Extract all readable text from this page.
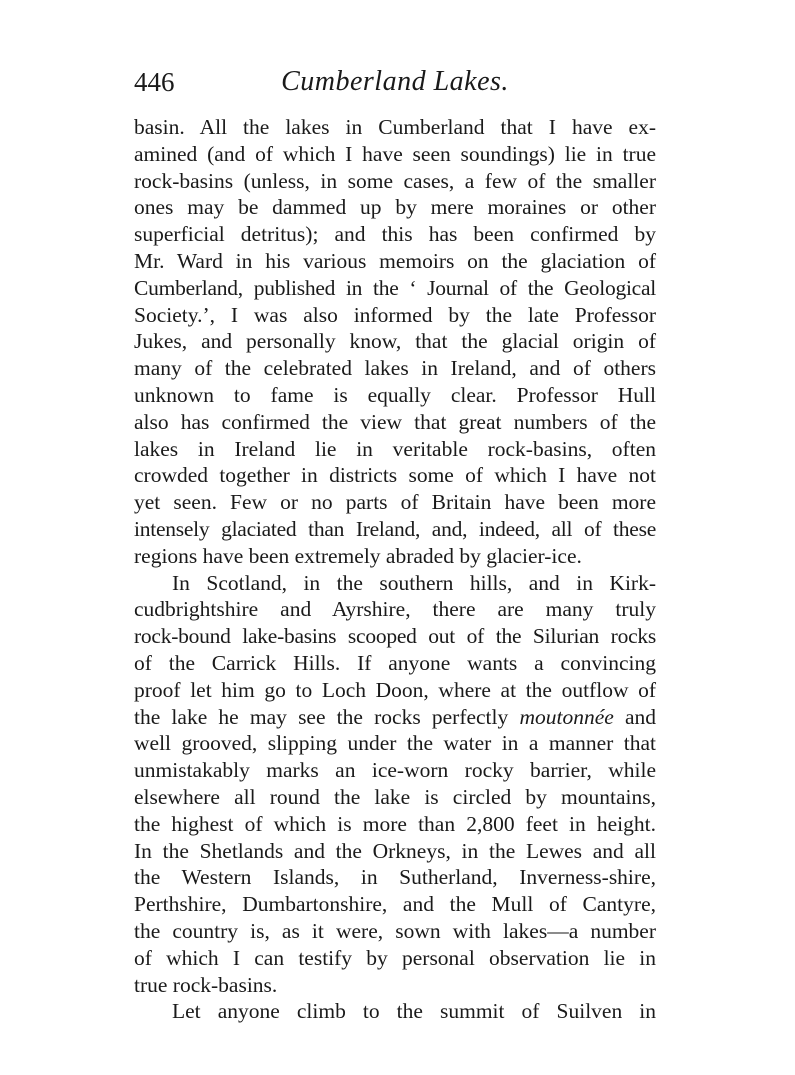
446	Cumberland Lakes.
basin. All the lakes in Cumberland that I have ex-
amined (and of which I have seen soundings) lie in true
rock-basins (unless, in some cases, a few of the smaller
ones may be dammed up by mere moraines or other
superficial detritus); and this has been confirmed by
Mr. Ward in his various memoirs on the glaciation of
Cumberland, published in the ‘ Journal of the Geological
Society.’, I was also informed by the late Professor
Jukes, and personally know, that the glacial origin of
many of the celebrated lakes in Ireland, and of others
unknown to fame is equally clear. Professor Hull
also has confirmed the view that great numbers of the
lakes in Ireland lie in veritable rock-basins, often
crowded together in districts some of which I have not
yet seen. Few or no parts of Britain have been more
intensely glaciated than Ireland, and, indeed, all of these
regions have been extremely abraded by glacier-ice.
In Scotland, in the southern hills, and in Kirk-
cudbrightshire and Ayrshire, there are many truly
rock-bound lake-basins scooped out of the Silurian rocks
of the Carrick Hills. If anyone wants a convincing
proof let him go to Loch Doon, where at the outflow of
the lake he may see the rocks perfectly moutonnée and
well grooved, slipping under the water in a manner that
unmistakably marks an ice-worn rocky barrier, while
elsewhere all round the lake is circled by mountains,
the highest of which is more than 2,800 feet in height.
In the Shetlands and the Orkneys, in the Lewes and all
the Western Islands, in Sutherland, Inverness-shire,
Perthshire, Dumbartonshire, and the Mull of Cantyre,
the country is, as it were, sown with lakes—a number
of which I can testify by personal observation lie in
true rock-basins.
Let anyone climb to the summit of Suilven in
